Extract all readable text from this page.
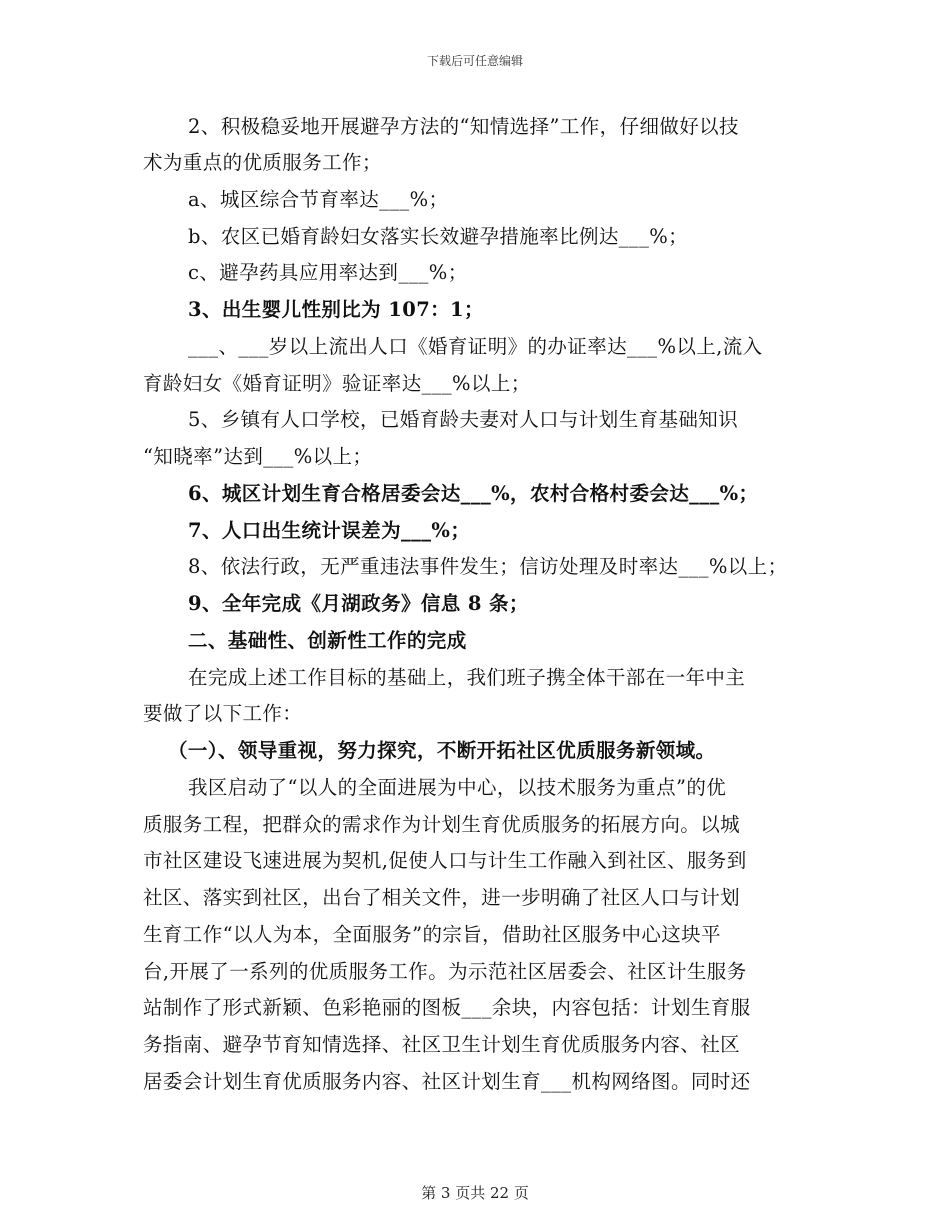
下载后可任意编辑
2、积极稳妥地开展避孕方法的“知情选择”工作，仔细做好以技
术为重点的优质服务工作；
a、城区综合节育率达___%；
b、农区已婚育龄妇女落实长效避孕措施率比例达___%；
c、避孕药具应用率达到___%；
3、出生婴儿性别比为 107：1；
___、___岁以上流出人口《婚育证明》的办证率达___%以上,流入
育龄妇女《婚育证明》验证率达___%以上；
5、乡镇有人口学校，已婚育龄夫妻对人口与计划生育基础知识
“知晓率”达到___%以上；
6、城区计划生育合格居委会达___%，农村合格村委会达___%；
7、人口出生统计误差为___%；
8、依法行政，无严重违法事件发生；信访处理及时率达___%以上；
9、全年完成《月湖政务》信息 8 条；
二、基础性、创新性工作的完成
在完成上述工作目标的基础上，我们班子携全体干部在一年中主
要做了以下工作：
（一）、领导重视，努力探究，不断开拓社区优质服务新领域。
我区启动了“以人的全面进展为中心，以技术服务为重点”的优
质服务工程，把群众的需求作为计划生育优质服务的拓展方向。以城
市社区建设飞速进展为契机,促使人口与计生工作融入到社区、服务到
社区、落实到社区，出台了相关文件，进一步明确了社区人口与计划
生育工作“以人为本，全面服务”的宗旨，借助社区服务中心这块平
台,开展了一系列的优质服务工作。为示范社区居委会、社区计生服务
站制作了形式新颖、色彩艳丽的图板___余块，内容包括：计划生育服
务指南、避孕节育知情选择、社区卫生计划生育优质服务内容、社区
居委会计划生育优质服务内容、社区计划生育___机构网络图。同时还
第 3 页共 22 页
